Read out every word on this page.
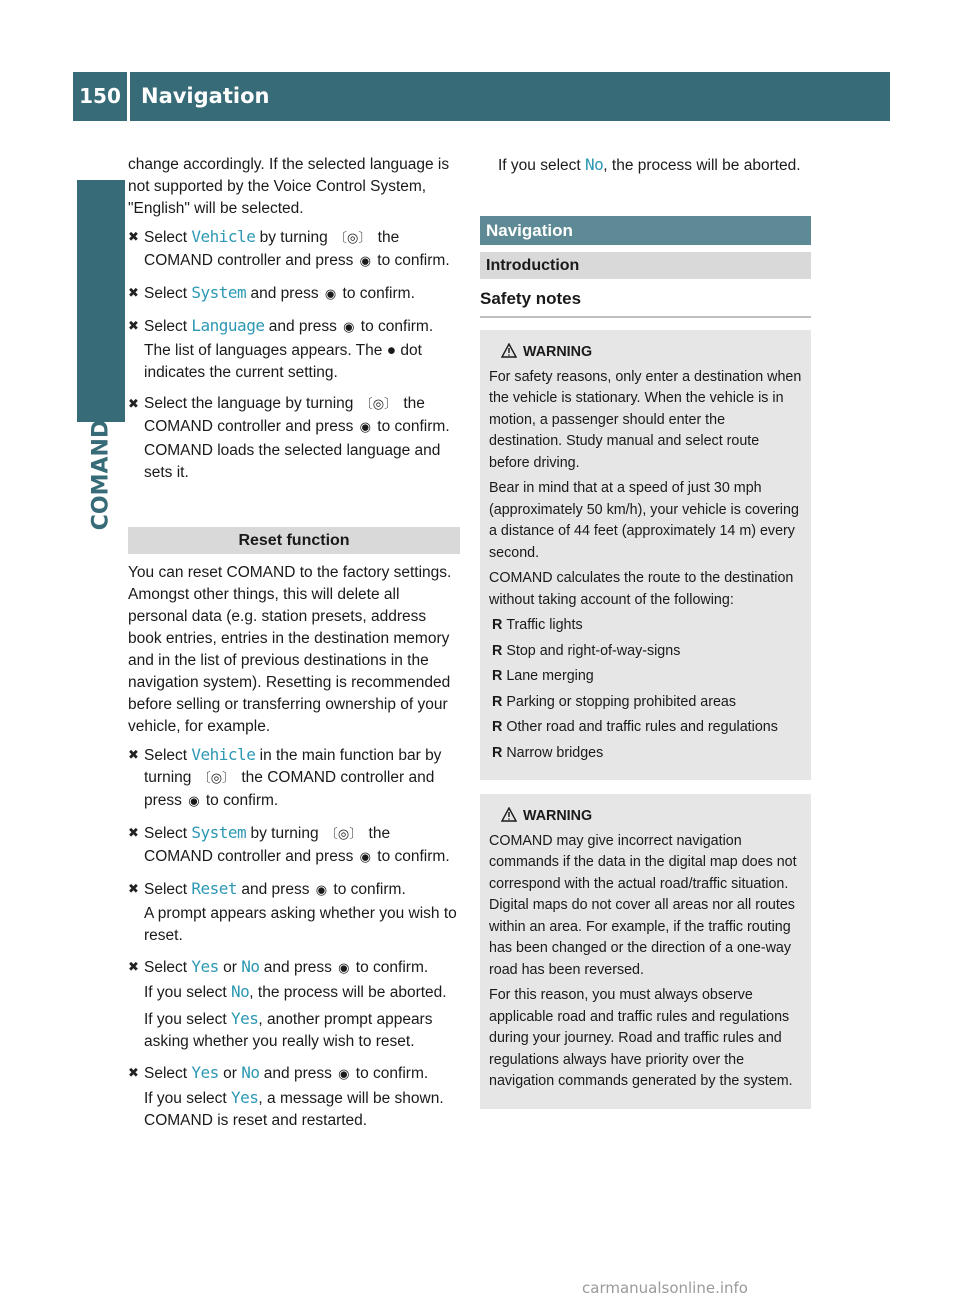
150 Navigation
COMAND
change accordingly. If the selected language is not supported by the Voice Control System, "English" will be selected.
✖ Select Vehicle by turning 〔◎〕 the COMAND controller and press ◉ to confirm.
✖ Select System and press ◉ to confirm.
✖ Select Language and press ◉ to confirm.
The list of languages appears. The ● dot indicates the current setting.
✖ Select the language by turning 〔◎〕 the COMAND controller and press ◉ to confirm.
COMAND loads the selected language and sets it.
Reset function
You can reset COMAND to the factory settings. Amongst other things, this will delete all personal data (e.g. station presets, address book entries, entries in the destination memory and in the list of previous destinations in the navigation system). Resetting is recommended before selling or transferring ownership of your vehicle, for example.
✖ Select Vehicle in the main function bar by turning 〔◎〕 the COMAND controller and press ◉ to confirm.
✖ Select System by turning 〔◎〕 the COMAND controller and press ◉ to confirm.
✖ Select Reset and press ◉ to confirm.
A prompt appears asking whether you wish to reset.
✖ Select Yes or No and press ◉ to confirm.
If you select No, the process will be aborted.
If you select Yes, another prompt appears asking whether you really wish to reset.
✖ Select Yes or No and press ◉ to confirm.
If you select Yes, a message will be shown. COMAND is reset and restarted.
If you select No, the process will be aborted.
Navigation
Introduction
Safety notes
WARNING

For safety reasons, only enter a destination when the vehicle is stationary. When the vehicle is in motion, a passenger should enter the destination. Study manual and select route before driving.

Bear in mind that at a speed of just 30 mph (approximately 50 km/h), your vehicle is covering a distance of 44 feet (approximately 14 m) every second.

COMAND calculates the route to the destination without taking account of the following:

R Traffic lights
R Stop and right-of-way-signs
R Lane merging
R Parking or stopping prohibited areas
R Other road and traffic rules and regulations
R Narrow bridges
WARNING

COMAND may give incorrect navigation commands if the data in the digital map does not correspond with the actual road/traffic situation. Digital maps do not cover all areas nor all routes within an area. For example, if the traffic routing has been changed or the direction of a one-way road has been reversed.

For this reason, you must always observe applicable road and traffic rules and regulations during your journey. Road and traffic rules and regulations always have priority over the navigation commands generated by the system.

carmanualsonline.info
